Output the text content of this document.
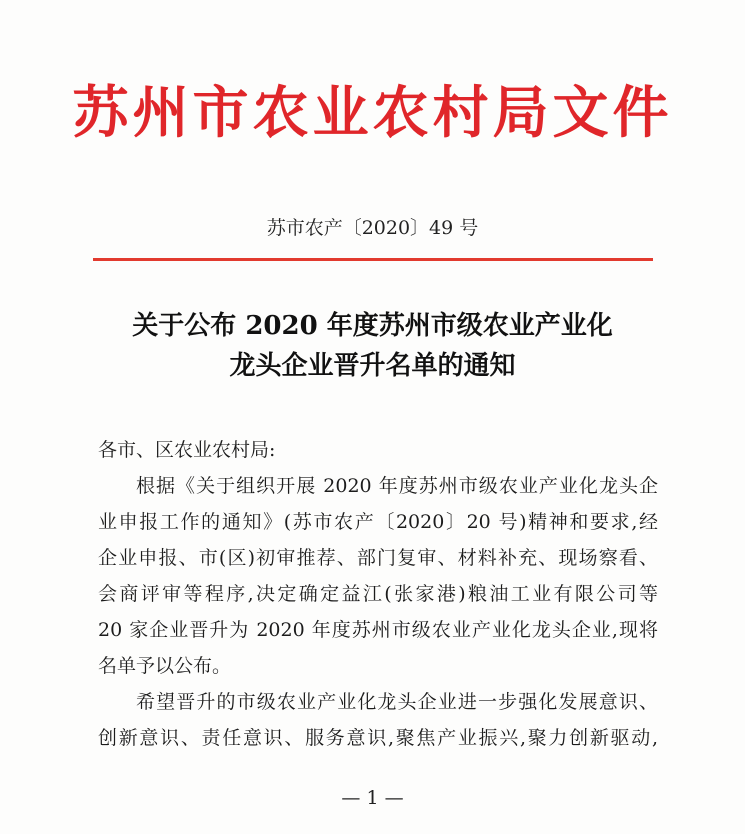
苏州市农业农村局文件
苏市农产〔2020〕49 号
关于公布 2020 年度苏州市级农业产业化
龙头企业晋升名单的通知
各市、区农业农村局:
根据《关于组织开展 2020 年度苏州市级农业产业化龙头企
业申报工作的通知》(苏市农产〔2020〕20 号)精神和要求,经
企业申报、市(区)初审推荐、部门复审、材料补充、现场察看、
会商评审等程序,决定确定益江(张家港)粮油工业有限公司等
20 家企业晋升为 2020 年度苏州市级农业产业化龙头企业,现将
名单予以公布。
希望晋升的市级农业产业化龙头企业进一步强化发展意识、
创新意识、责任意识、服务意识,聚焦产业振兴,聚力创新驱动,
— 1 —
